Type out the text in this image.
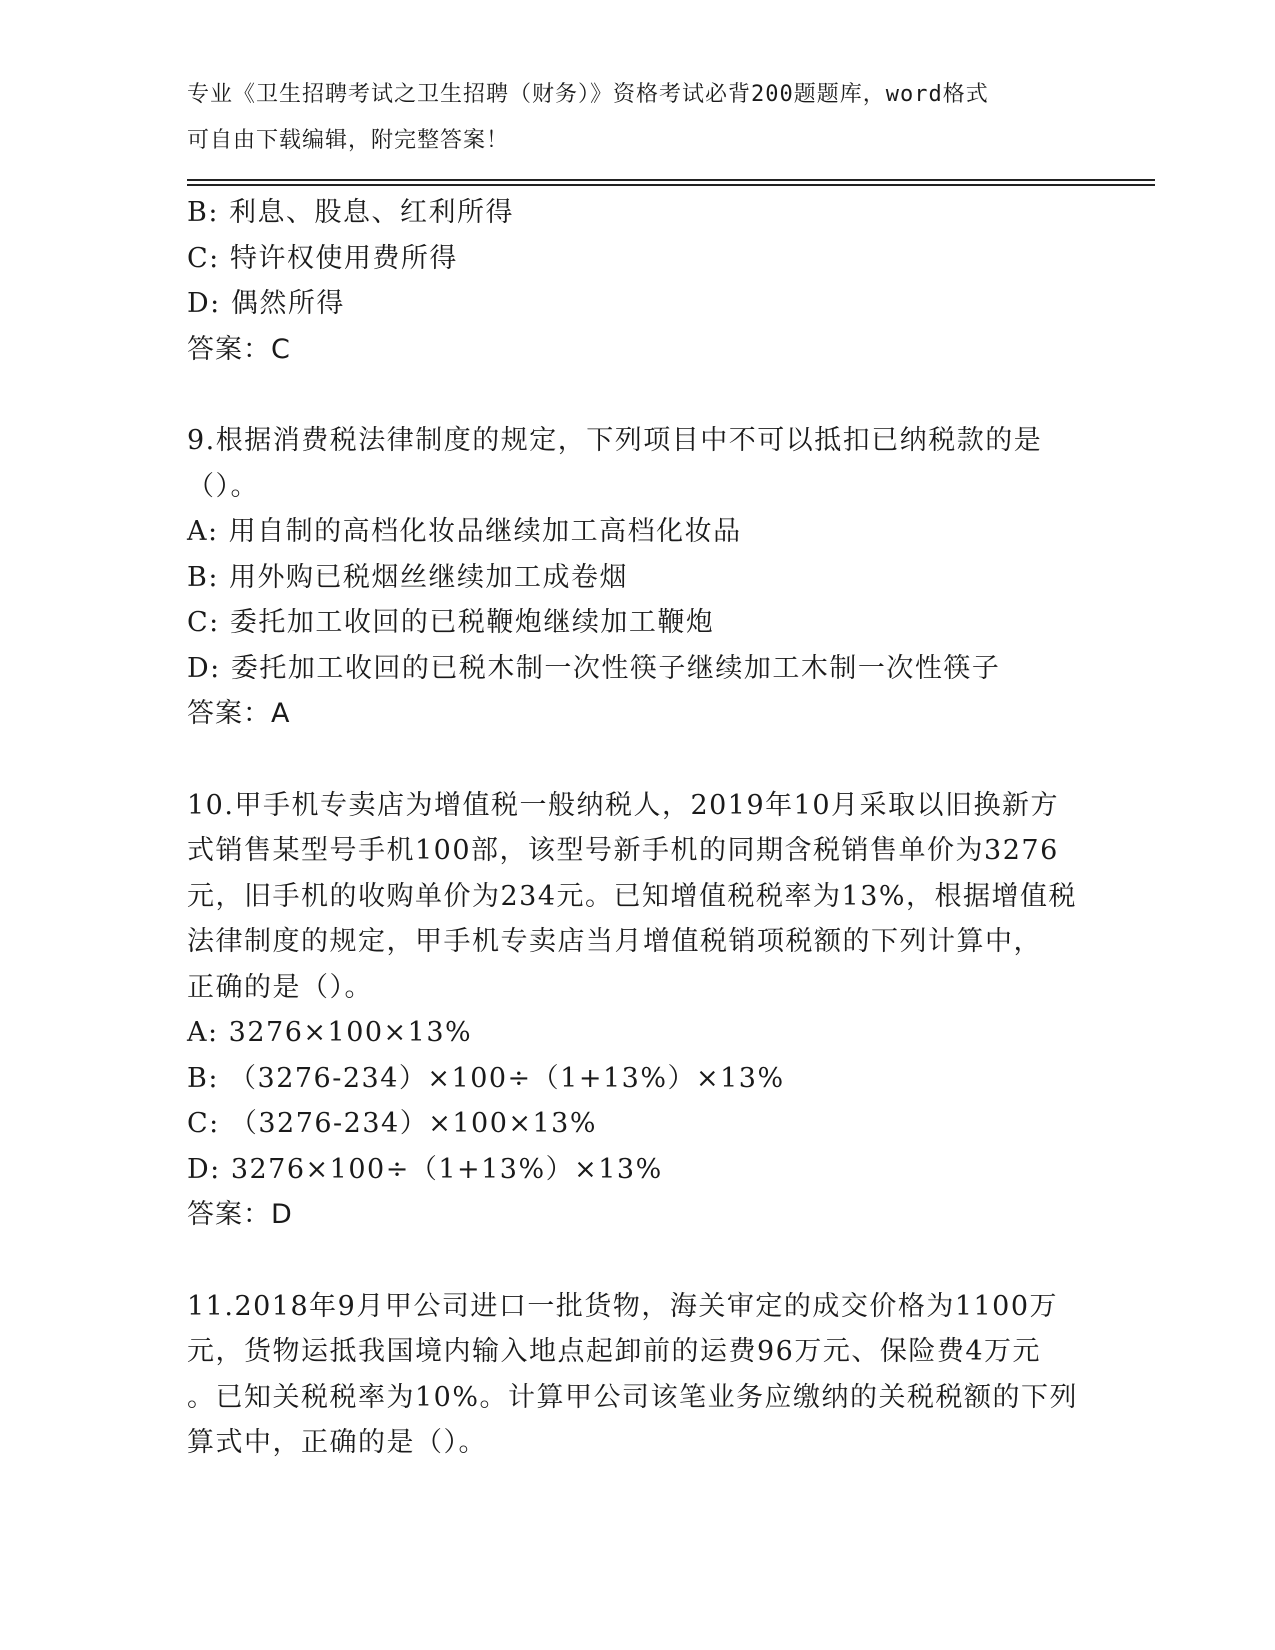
专业《卫生招聘考试之卫生招聘（财务）》资格考试必背200题题库，word格式
可自由下载编辑，附完整答案！
B: 利息、股息、红利所得
C: 特许权使用费所得
D: 偶然所得
答案：C
9.根据消费税法律制度的规定，下列项目中不可以抵扣已纳税款的是
（）。
A: 用自制的高档化妆品继续加工高档化妆品
B: 用外购已税烟丝继续加工成卷烟
C: 委托加工收回的已税鞭炮继续加工鞭炮
D: 委托加工收回的已税木制一次性筷子继续加工木制一次性筷子
答案：A
10.甲手机专卖店为增值税一般纳税人，2019年10月采取以旧换新方
式销售某型号手机100部，该型号新手机的同期含税销售单价为3276
元，旧手机的收购单价为234元。已知增值税税率为13%，根据增值税
法律制度的规定，甲手机专卖店当月增值税销项税额的下列计算中，
正确的是（）。
A: 3276×100×13%
B: （3276-234）×100÷（1+13%）×13%
C: （3276-234）×100×13%
D: 3276×100÷（1+13%）×13%
答案：D
11.2018年9月甲公司进口一批货物，海关审定的成交价格为1100万
元，货物运抵我国境内输入地点起卸前的运费96万元、保险费4万元
。已知关税税率为10%。计算甲公司该笔业务应缴纳的关税税额的下列
算式中，正确的是（）。
